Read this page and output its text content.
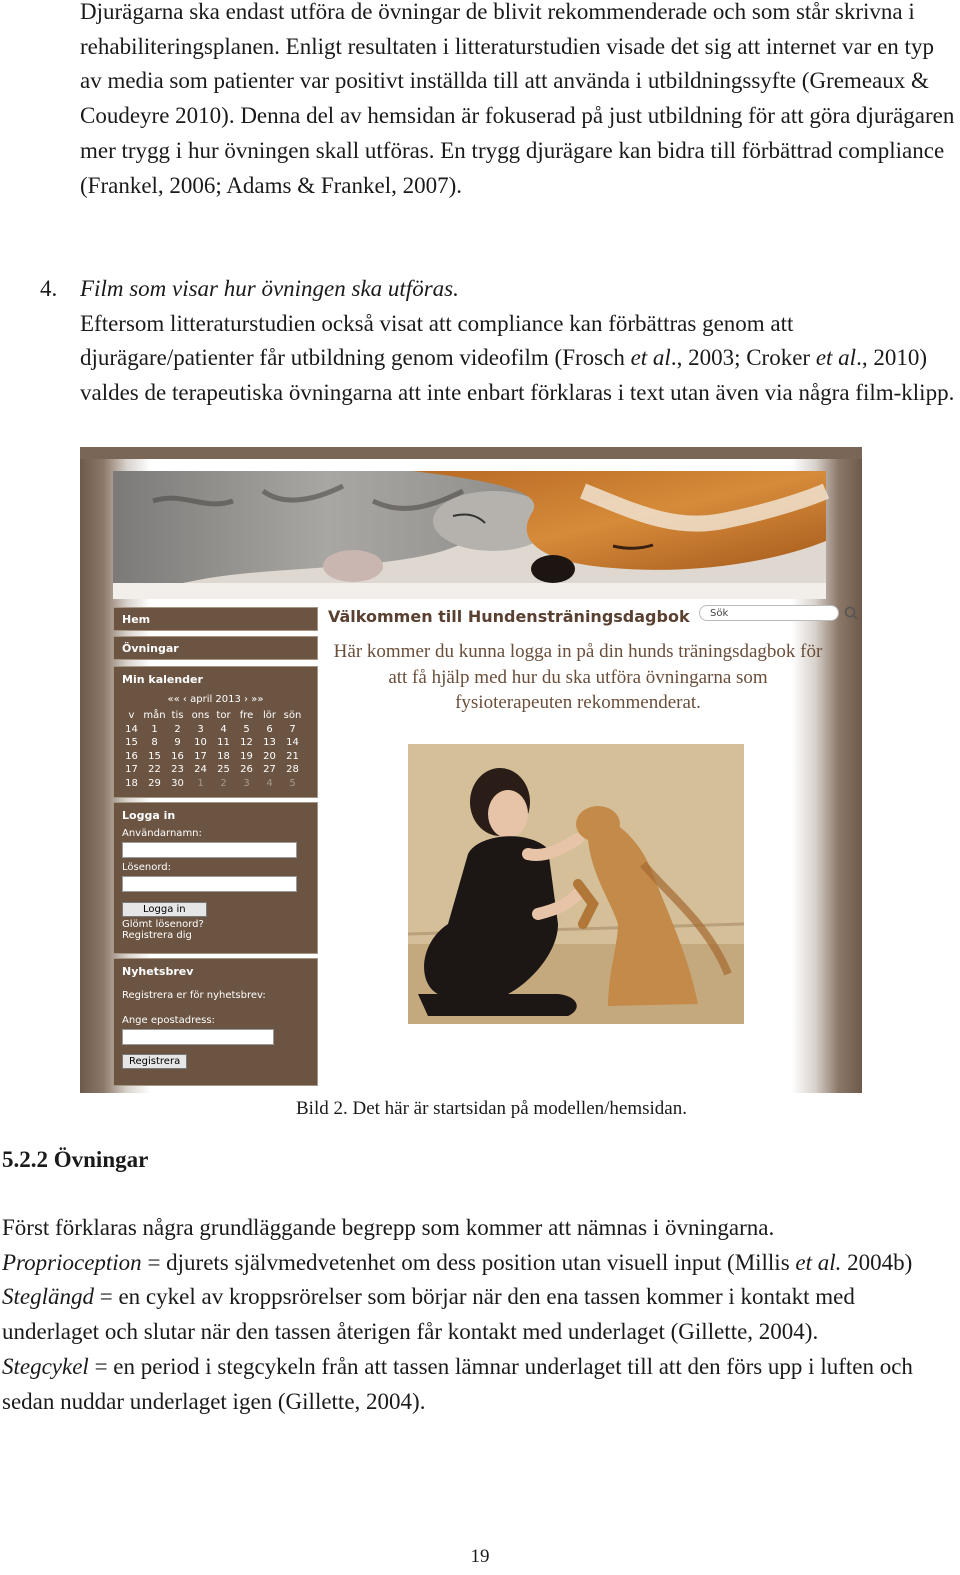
Djurägarna ska endast utföra de övningar de blivit rekommenderade och som står skrivna i rehabiliteringsplanen. Enligt resultaten i litteraturstudien visade det sig att internet var en typ av media som patienter var positivt inställda till att använda i utbildningssyfte (Gremeaux & Coudeyre 2010). Denna del av hemsidan är fokuserad på just utbildning för att göra djurägaren mer trygg i hur övningen skall utföras. En trygg djurägare kan bidra till förbättrad compliance (Frankel, 2006; Adams & Frankel, 2007).
4. Film som visar hur övningen ska utföras.
Eftersom litteraturstudien också visat att compliance kan förbättras genom att djurägare/patienter får utbildning genom videofilm (Frosch et al., 2003; Croker et al., 2010) valdes de terapeutiska övningarna att inte enbart förklaras i text utan även via några film-klipp.
Sök
Hem
Övningar
Min kalender
«« ‹ april 2013 › »»
v	mån	tis	ons	tor	fre	lör	sön
14	1	2	3	4	5	6	7
15	8	9	10	11	12	13	14
16	15	16	17	18	19	20	21
17	22	23	24	25	26	27	28
18	29	30	1	2	3	4	5
Logga in
Användarnamn:
Lösenord:
Logga in
Glömt lösenord?
Registrera dig
Nyhetsbrev
Registrera er för nyhetsbrev:
Ange epostadress:
Registrera
Välkommen till Hundensträningsdagbok
Här kommer du kunna logga in på din hunds träningsdagbok för att få hjälp med hur du ska utföra övningarna som fysioterapeuten rekommenderat.
Bild 2. Det här är startsidan på modellen/hemsidan.
5.2.2 Övningar
Först förklaras några grundläggande begrepp som kommer att nämnas i övningarna.
Proprioception = djurets självmedvetenhet om dess position utan visuell input (Millis et al. 2004b)
Steglängd = en cykel av kroppsrörelser som börjar när den ena tassen kommer i kontakt med underlaget och slutar när den tassen återigen får kontakt med underlaget (Gillette, 2004).
Stegcykel = en period i stegcykeln från att tassen lämnar underlaget till att den förs upp i luften och sedan nuddar underlaget igen (Gillette, 2004).
19
